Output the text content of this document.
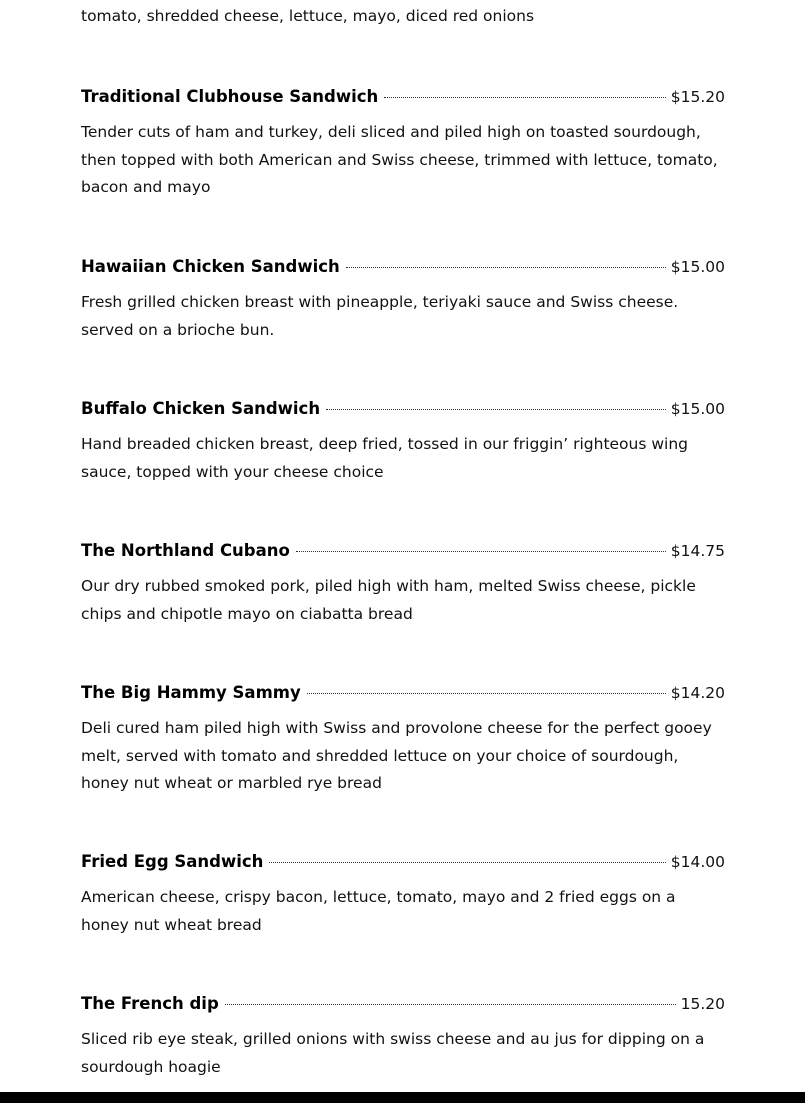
tomato, shredded cheese, lettuce, mayo, diced red onions

Traditional Clubhouse Sandwich	$15.20

Tender cuts of ham and turkey, deli sliced and piled high on toasted sourdough, then topped with both American and Swiss cheese, trimmed with lettuce, tomato, bacon and mayo

Hawaiian Chicken Sandwich	$15.00

Fresh grilled chicken breast with pineapple, teriyaki sauce and Swiss cheese. served on a brioche bun.

Buffalo Chicken Sandwich	$15.00

Hand breaded chicken breast, deep fried, tossed in our friggin’ righteous wing sauce, topped with your cheese choice

The Northland Cubano	$14.75

Our dry rubbed smoked pork, piled high with ham, melted Swiss cheese, pickle chips and chipotle mayo on ciabatta bread

The Big Hammy Sammy	$14.20

Deli cured ham piled high with Swiss and provolone cheese for the perfect gooey melt, served with tomato and shredded lettuce on your choice of sourdough, honey nut wheat or marbled rye bread

Fried Egg Sandwich	$14.00

American cheese, crispy bacon, lettuce, tomato, mayo and 2 fried eggs on a honey nut wheat bread

The French dip	15.20

Sliced rib eye steak, grilled onions with swiss cheese and au jus for dipping on a sourdough hoagie
